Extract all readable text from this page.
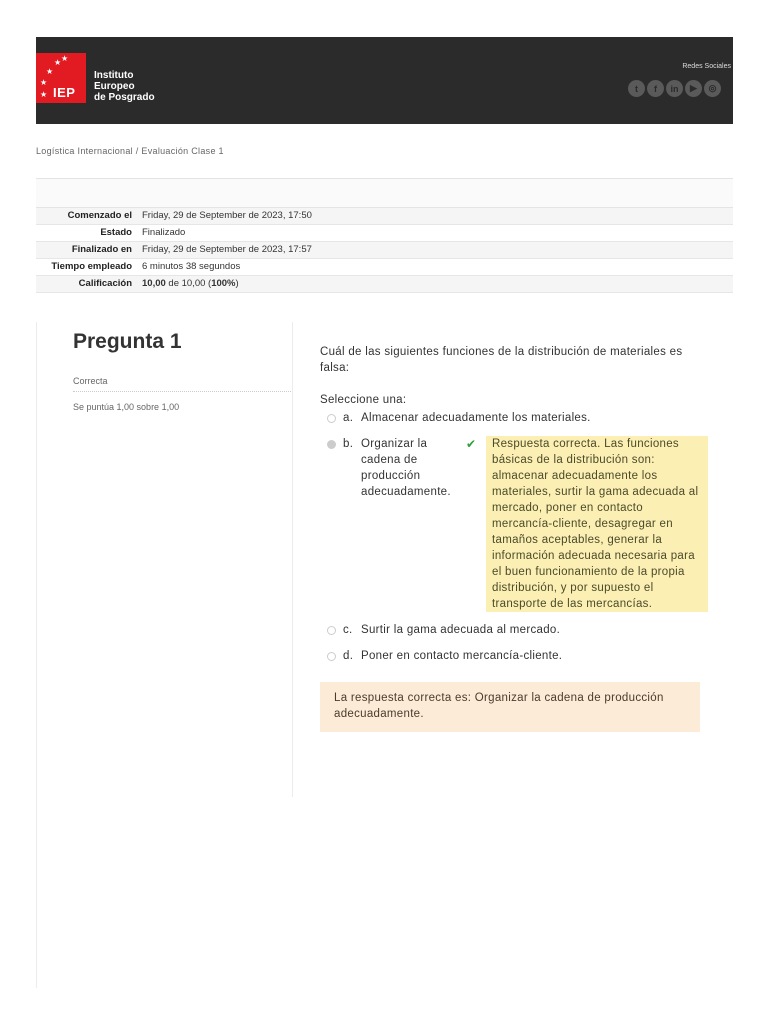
★ ★
★
★
★ IEP
Instituto
Europeo
de Posgrado
Redes Sociales
t	f	in	▶	◎
Logística Internacional / Evaluación Clase 1
Comenzado el	Friday, 29 de September de 2023, 17:50
Estado	Finalizado
Finalizado en	Friday, 29 de September de 2023, 17:57
Tiempo empleado	6 minutos 38 segundos
Calificación	10,00 de 10,00 (100%)
Pregunta 1
Correcta
Se puntúa 1,00 sobre 1,00
Cuál de las siguientes funciones de la distribución de materiales es falsa:
Seleccione una:
a. Almacenar adecuadamente los materiales.
b. Organizar la cadena de producción adecuadamente.
✔	Respuesta correcta. Las funciones básicas de la distribución son: almacenar adecuadamente los materiales, surtir la gama adecuada al mercado, poner en contacto mercancía-cliente, desagregar en tamaños aceptables, generar la información adecuada necesaria para el buen funcionamiento de la propia distribución, y por supuesto el transporte de las mercancías.
c. Surtir la gama adecuada al mercado.
d. Poner en contacto mercancía-cliente.
La respuesta correcta es: Organizar la cadena de producción adecuadamente.
